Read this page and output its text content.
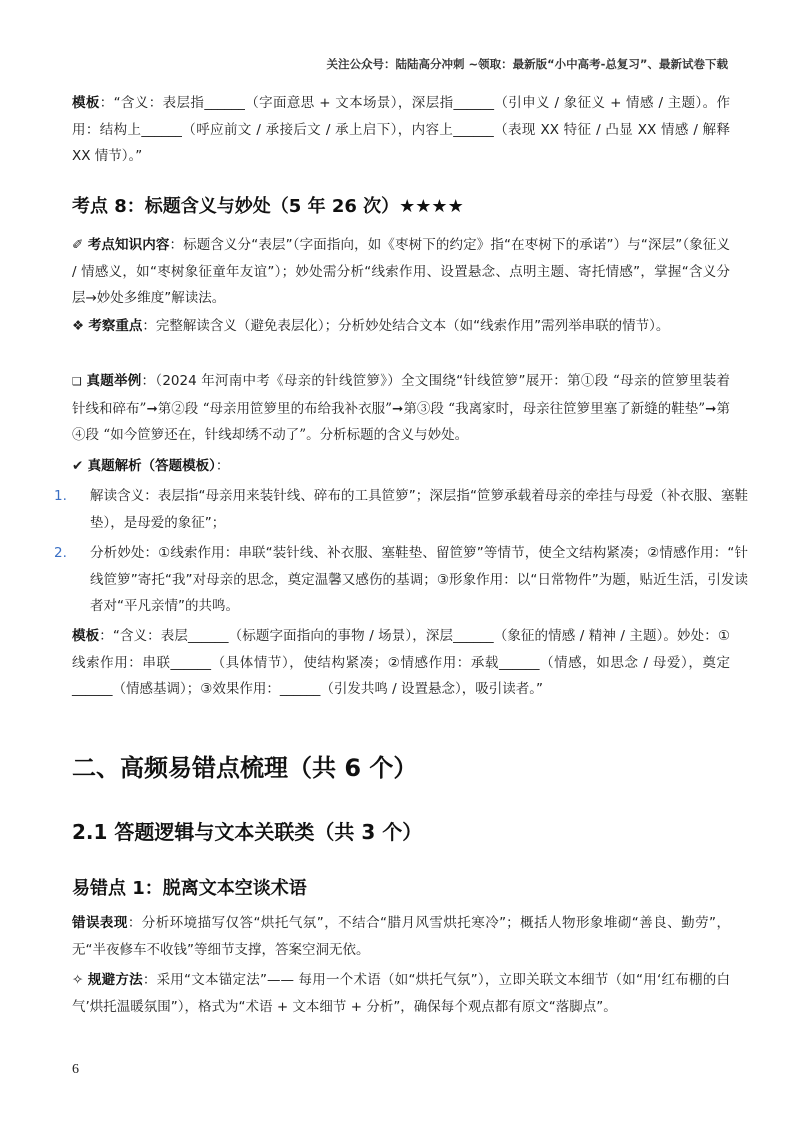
关注公众号：陆陆高分冲刺 ~领取：最新版“小中高考-总复习”、最新试卷下载

模板：“含义：表层指______（字面意思 + 文本场景），深层指______（引申义 / 象征义 + 情感 / 主题）。作用：结构上______（呼应前文 / 承接后文 / 承上启下），内容上______（表现 XX 特征 / 凸显 XX 情感 / 解释 XX 情节）。”

考点 8：标题含义与妙处（5 年 26 次）★★★★

✐ 考点知识内容：标题含义分“表层”（字面指向，如《枣树下的约定》指“在枣树下的承诺”）与“深层”（象征义 / 情感义，如“枣树象征童年友谊”）；妙处需分析“线索作用、设置悬念、点明主题、寄托情感”，掌握“含义分层→妙处多维度”解读法。

❖ 考察重点：完整解读含义（避免表层化）；分析妙处结合文本（如“线索作用”需列举串联的情节）。

❑ 真题举例：（2024 年河南中考《母亲的针线笸箩》）全文围绕“针线笸箩”展开：第①段 “母亲的笸箩里装着针线和碎布”➞第②段 “母亲用笸箩里的布给我补衣服”➞第③段 “我离家时，母亲往笸箩里塞了新缝的鞋垫”➞第④段 “如今笸箩还在，针线却绣不动了”。分析标题的含义与妙处。

✔ 真题解析（答题模板）：

1. 解读含义：表层指“母亲用来装针线、碎布的工具笸箩”；深层指“笸箩承载着母亲的牵挂与母爱（补衣服、塞鞋垫），是母爱的象征”；

2. 分析妙处：①线索作用：串联“装针线、补衣服、塞鞋垫、留笸箩”等情节，使全文结构紧凑；②情感作用：“针线笸箩”寄托“我”对母亲的思念，奠定温馨又感伤的基调；③形象作用：以“日常物件”为题，贴近生活，引发读者对“平凡亲情”的共鸣。

模板：“含义：表层______（标题字面指向的事物 / 场景），深层______（象征的情感 / 精神 / 主题）。妙处：①线索作用：串联______（具体情节），使结构紧凑；②情感作用：承载______（情感，如思念 / 母爱），奠定______（情感基调）；③效果作用：______（引发共鸣 / 设置悬念），吸引读者。”

二、高频易错点梳理（共 6 个）
2.1 答题逻辑与文本关联类（共 3 个）
易错点 1：脱离文本空谈术语

错误表现：分析环境描写仅答“烘托气氛”，不结合“腊月风雪烘托寒冷”；概括人物形象堆砌“善良、勤劳”，无“半夜修车不收钱”等细节支撑，答案空洞无依。

✧ 规避方法：采用“文本锚定法”—— 每用一个术语（如“烘托气氛”），立即关联文本细节（如“用‘红布棚的白气’烘托温暖氛围”），格式为“术语 + 文本细节 + 分析”，确保每个观点都有原文“落脚点”。

6
